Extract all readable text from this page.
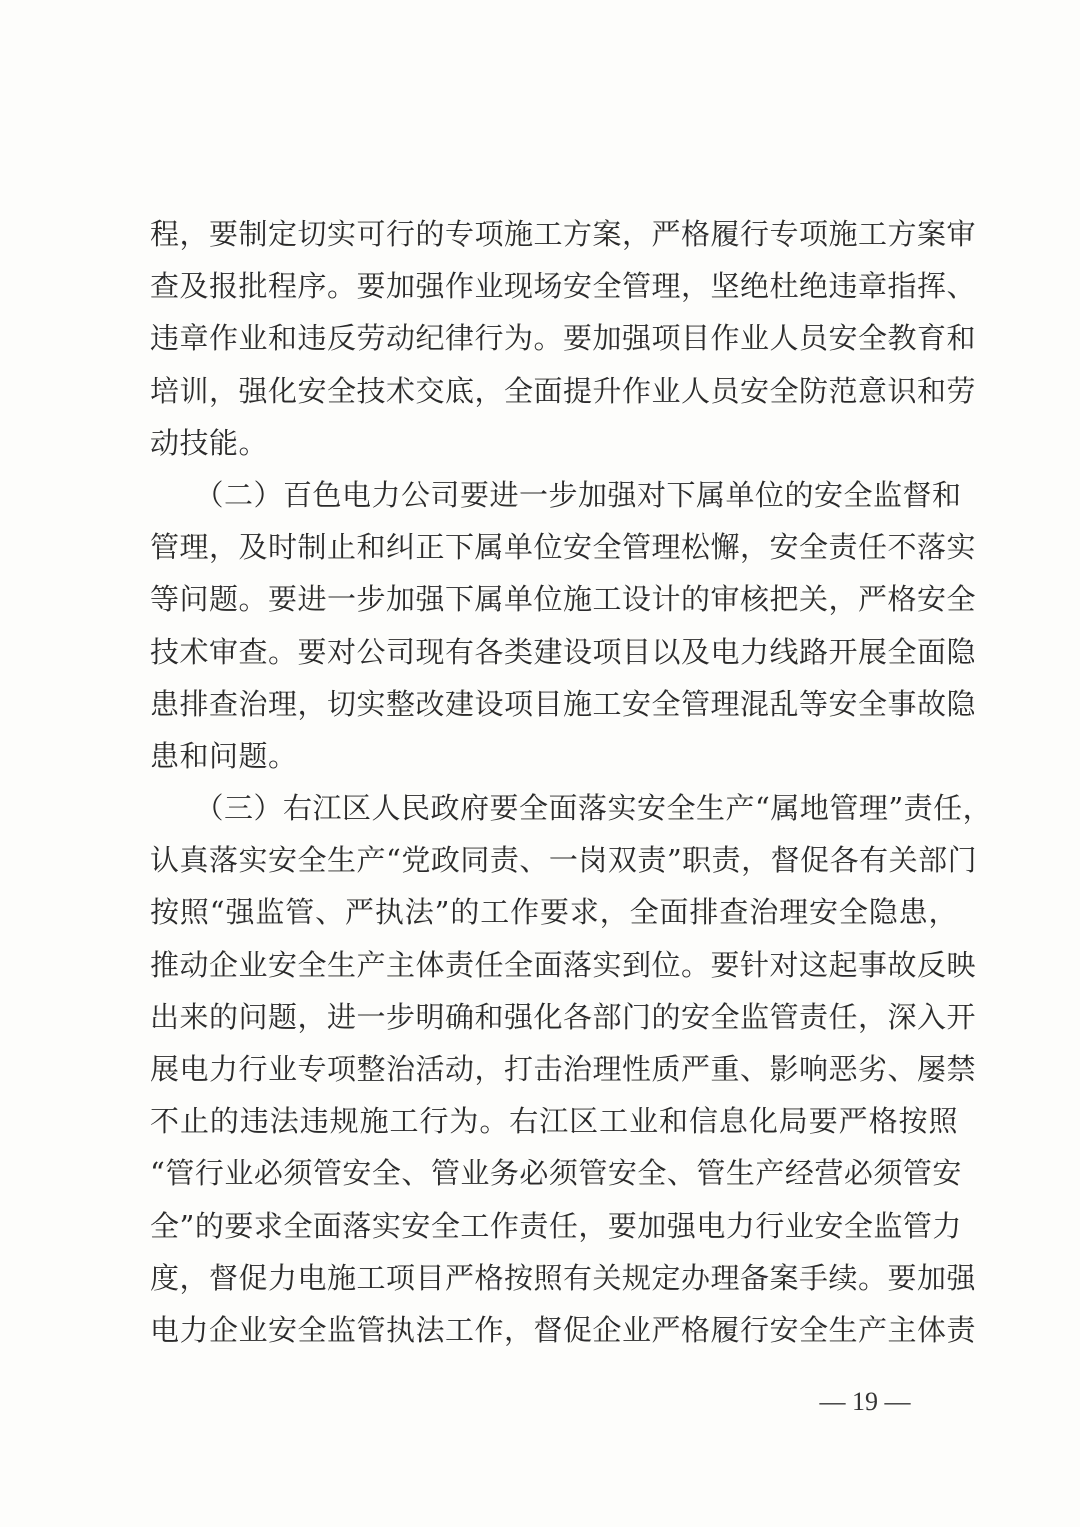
程，要制定切实可行的专项施工方案，严格履行专项施工方案审
查及报批程序。要加强作业现场安全管理，坚绝杜绝违章指挥、
违章作业和违反劳动纪律行为。要加强项目作业人员安全教育和
培训，强化安全技术交底，全面提升作业人员安全防范意识和劳
动技能。
　　（二）百色电力公司要进一步加强对下属单位的安全监督和
管理，及时制止和纠正下属单位安全管理松懈，安全责任不落实
等问题。要进一步加强下属单位施工设计的审核把关，严格安全
技术审查。要对公司现有各类建设项目以及电力线路开展全面隐
患排查治理，切实整改建设项目施工安全管理混乱等安全事故隐
患和问题。
　　（三）右江区人民政府要全面落实安全生产“属地管理”责任，
认真落实安全生产“党政同责、一岗双责”职责，督促各有关部门
按照“强监管、严执法”的工作要求，全面排查治理安全隐患，
推动企业安全生产主体责任全面落实到位。要针对这起事故反映
出来的问题，进一步明确和强化各部门的安全监管责任，深入开
展电力行业专项整治活动，打击治理性质严重、影响恶劣、屡禁
不止的违法违规施工行为。右江区工业和信息化局要严格按照
“管行业必须管安全、管业务必须管安全、管生产经营必须管安
全”的要求全面落实安全工作责任，要加强电力行业安全监管力
度，督促力电施工项目严格按照有关规定办理备案手续。要加强
电力企业安全监管执法工作，督促企业严格履行安全生产主体责
— 19 —
